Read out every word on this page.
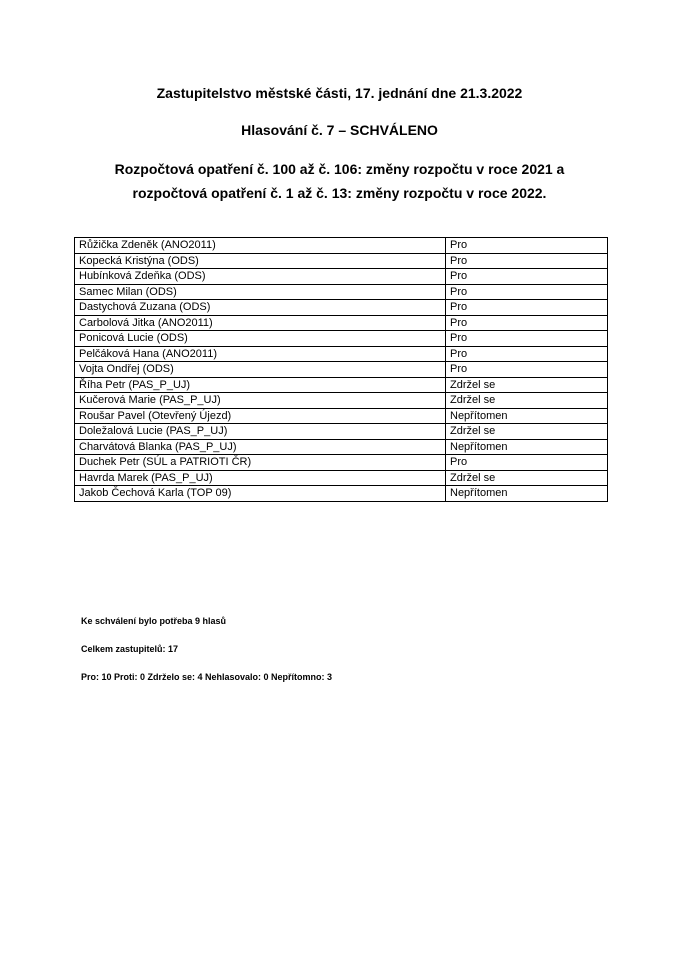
Zastupitelstvo městské části, 17. jednání dne 21.3.2022
Hlasování č. 7 – SCHVÁLENO
Rozpočtová opatření č. 100 až č. 106: změny rozpočtu v roce 2021 a
rozpočtová opatření č. 1 až č. 13: změny rozpočtu v roce 2022.
Růžička Zdeněk (ANO2011)	Pro
Kopecká Kristýna (ODS)	Pro
Hubínková Zdeňka (ODS)	Pro
Samec Milan (ODS)	Pro
Dastychová Zuzana (ODS)	Pro
Carbolová Jitka (ANO2011)	Pro
Ponicová Lucie (ODS)	Pro
Pelčáková Hana (ANO2011)	Pro
Vojta Ondřej (ODS)	Pro
Říha Petr (PAS_P_UJ)	Zdržel se
Kučerová Marie (PAS_P_UJ)	Zdržel se
Roušar Pavel (Otevřený Újezd)	Nepřítomen
Doležalová Lucie (PAS_P_UJ)	Zdržel se
Charvátová Blanka (PAS_P_UJ)	Nepřítomen
Duchek Petr (SÚL a PATRIOTI ČR)	Pro
Havrda Marek (PAS_P_UJ)	Zdržel se
Jakob Čechová Karla (TOP 09)	Nepřítomen
Ke schválení bylo potřeba 9 hlasů
Celkem zastupitelů: 17
Pro: 10 Proti: 0 Zdrželo se: 4 Nehlasovalo: 0 Nepřítomno: 3
